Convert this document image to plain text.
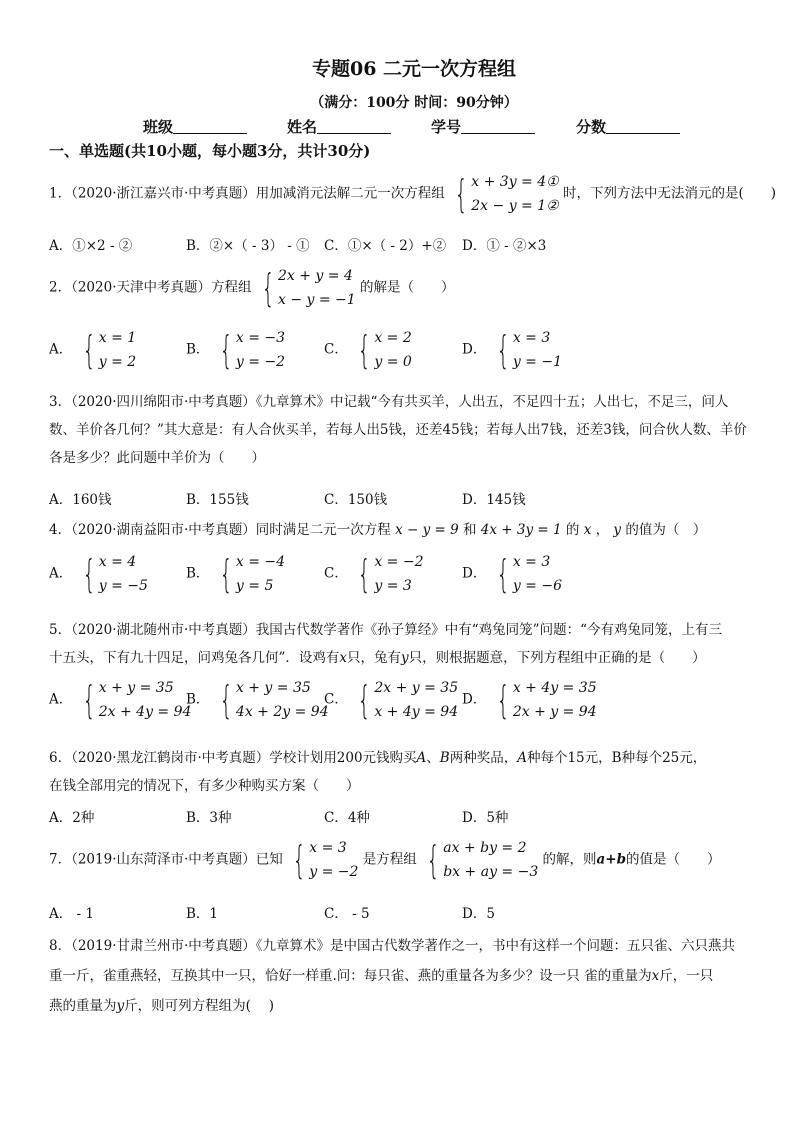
专题06 二元一次方程组
（满分：100分 时间：90分钟）
班级	姓名	学号	分数
一、单选题(共10小题，每小题3分，共计30分)
1．（2020·浙江嘉兴市·中考真题）用加减消元法解二元一次方程组 { x + 3y = 4①
2x − y = 1②
时，下列方法中无法消元的是(　　)
A．①×2 - ②	B．②×（ - 3） - ① C．①×（ - 2）+② D．① - ②×3
2．（2020·天津中考真题）方程组 { 2x + y = 4
x − y = −1
的解是（　　）
A． { x = 1
y = 2
B． { x = −3
y = −2
C． { x = 2
y = 0
D． { x = 3
y = −1
3．（2020·四川绵阳市·中考真题）《九章算术》中记载“今有共买羊，人出五，不足四十五；人出七，不足三，问人数、羊价各几何？”其大意是：有人合伙买羊，若每人出5钱，还差45钱；若每人出7钱，还差3钱，问合伙人数、羊价各是多少？此问题中羊价为（　　）
A．160钱	B．155钱	C．150钱	D．145钱
4．（2020·湖南益阳市·中考真题）同时满足二元一次方程 x − y = 9 和 4x + 3y = 1 的 x ， y 的值为（　）
A． { x = 4
y = −5
B． { x = −4
y = 5
C． { x = −2
y = 3
D． { x = 3
y = −6
5．（2020·湖北随州市·中考真题）我国古代数学著作《孙子算经》中有“鸡兔同笼”问题：“今有鸡兔同笼，上有三
十五头，下有九十四足，问鸡兔各几何”．设鸡有x只，兔有y只，则根据题意，下列方程组中正确的是（　　）
A． { x + y = 35
2x + 4y = 94
B． { x + y = 35
4x + 2y = 94
C． { 2x + y = 35
x + 4y = 94
D． { x + 4y = 35
2x + y = 94
6．（2020·黑龙江鹤岗市·中考真题）学校计划用200元钱购买A、B两种奖品，A种每个15元，B种每个25元，
在钱全部用完的情况下，有多少种购买方案（　　）
A．2种	B．3种	C．4种	D．5种
7．（2019·山东菏泽市·中考真题）已知 { x = 3
y = −2
是方程组 { ax + by = 2
bx + ay = −3
的解，则a+b的值是（　　）
A． - 1	B．1	C． - 5	D．5
8．（2019·甘肃兰州市·中考真题）《九章算术》是中国古代数学著作之一，书中有这样一个问题：五只雀、六只燕共
重一斤，雀重燕轻，互换其中一只，恰好一样重.问：每只雀、燕的重量各为多少？设一只 雀的重量为x斤，一只
燕的重量为y斤，则可列方程组为(　 )
